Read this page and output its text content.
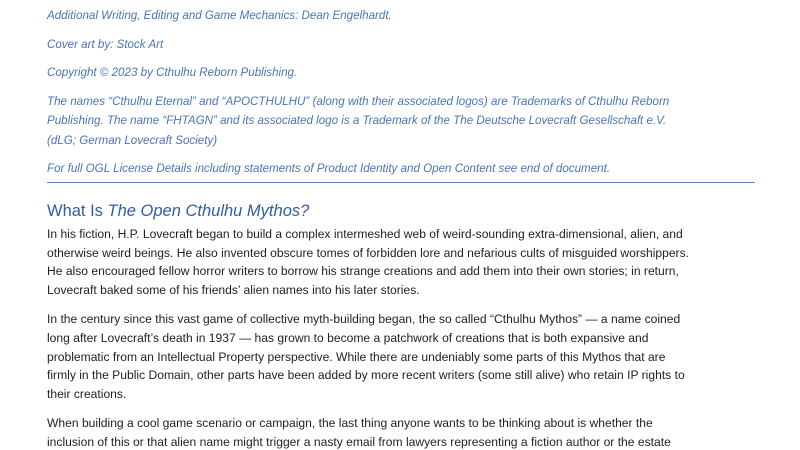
Additional Writing, Editing and Game Mechanics: Dean Engelhardt.

Cover art by: Stock Art

Copyright © 2023 by Cthulhu Reborn Publishing.

The names “Cthulhu Eternal” and “APOCTHULHU” (along with their associated logos) are Trademarks of Cthulhu Reborn
Publishing. The name “FHTAGN” and its associated logo is a Trademark of the The Deutsche Lovecraft Gesellschaft e.V.
(dLG; German Lovecraft Society)

For full OGL License Details including statements of Product Identity and Open Content see end of document.

What Is The Open Cthulhu Mythos?

In his fiction, H.P. Lovecraft began to build a complex intermeshed web of weird-sounding extra-dimensional, alien, and
otherwise weird beings. He also invented obscure tomes of forbidden lore and nefarious cults of misguided worshippers.
He also encouraged fellow horror writers to borrow his strange creations and add them into their own stories; in return,
Lovecraft baked some of his friends’ alien names into his later stories.

In the century since this vast game of collective myth-building began, the so called “Cthulhu Mythos” — a name coined
long after Lovecraft’s death in 1937 — has grown to become a patchwork of creations that is both expansive and
problematic from an Intellectual Property perspective. While there are undeniably some parts of this Mythos that are
firmly in the Public Domain, other parts have been added by more recent writers (some still alive) who retain IP rights to
their creations.

When building a cool game scenario or campaign, the last thing anyone wants to be thinking about is whether the
inclusion of this or that alien name might trigger a nasty email from lawyers representing a fiction author or the estate
